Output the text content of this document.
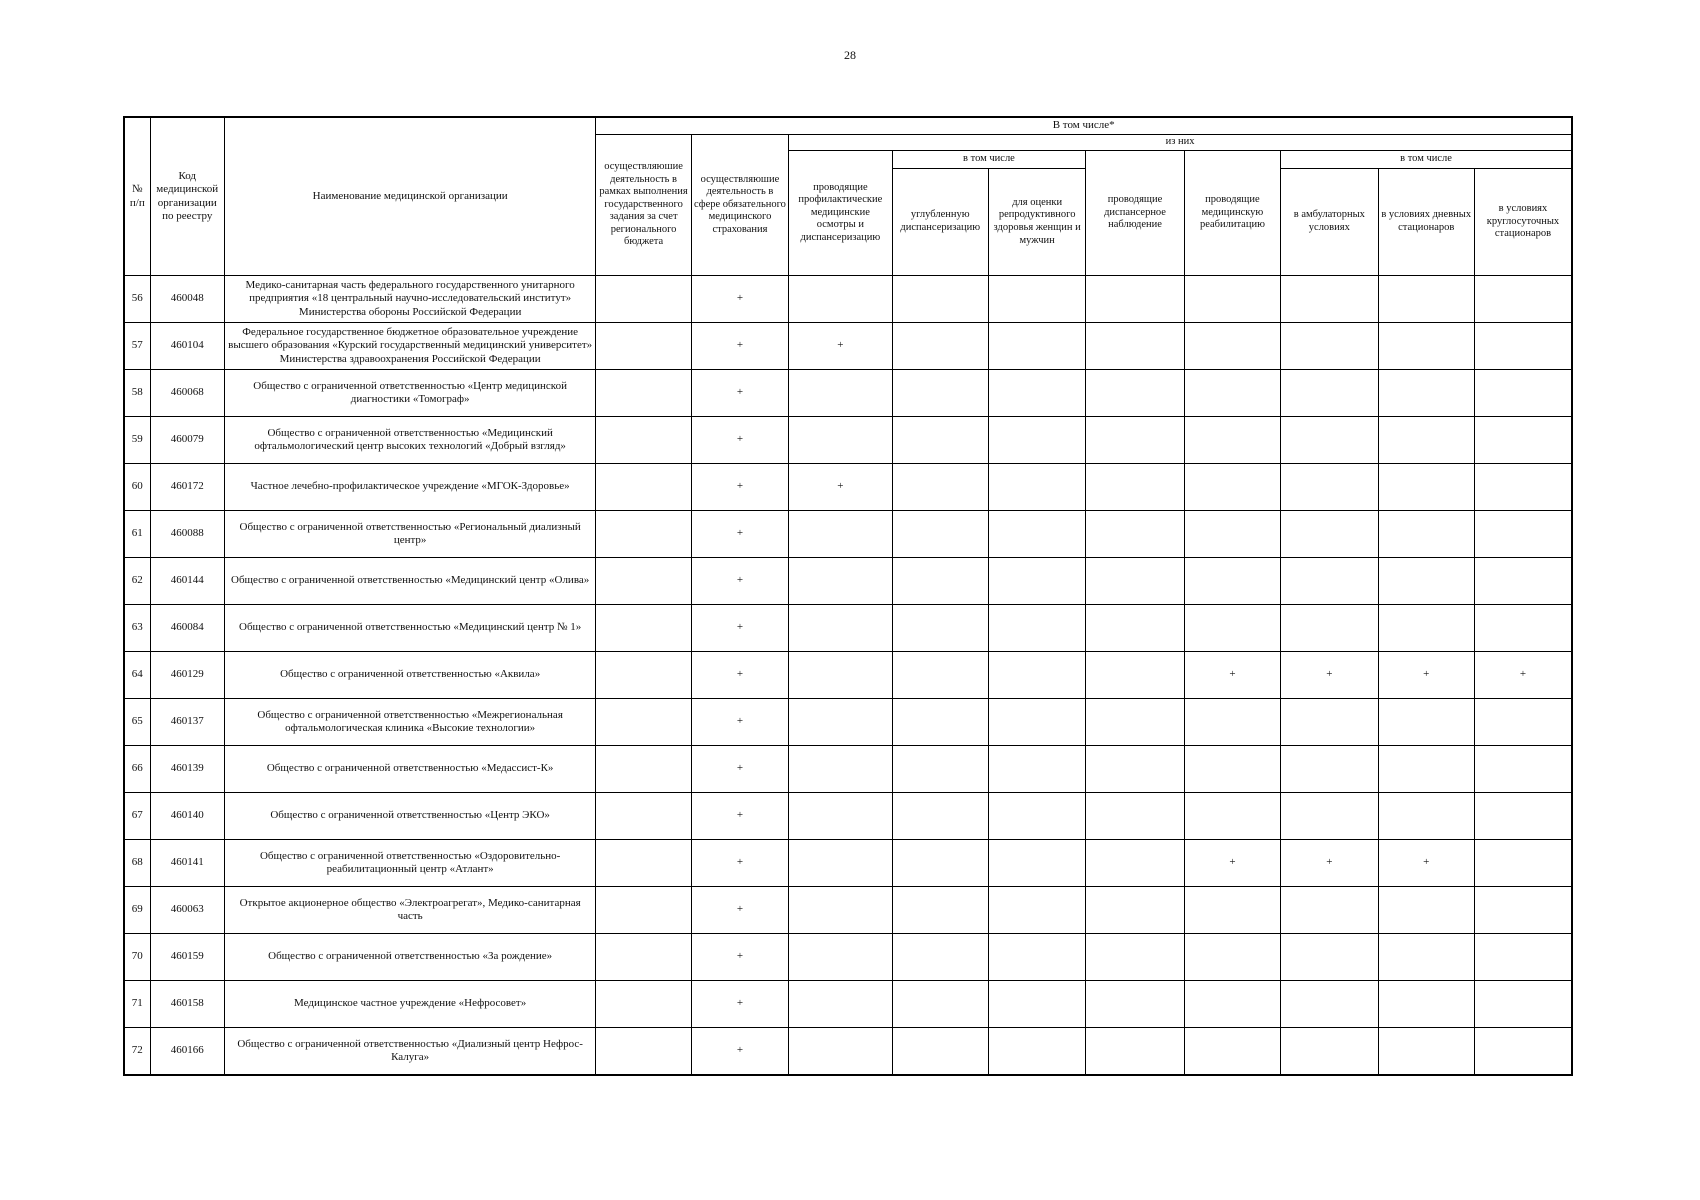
28
№ п/п	Код медицинской организации по реестру	Наименование медицинской организации	В том числе*									
			осуществляюшие деятельность в рамках выполнения государственного задания за счет регионального бюджета	осуществляюшие деятельность в сфере обязательного медицинского страхования	из них							
					проводящие профилактические медицинские осмотры и диспансеризацию	в том числе		проводящие диспансерное наблюдение	проводящие медицинскую реабилитацию	в том числе		
						углубленную диспансеризацию	для оценки репродуктивного здоровья женщин и мужчин			в амбулаторных условиях	в условиях дневных стационаров	в условиях круглосуточных стационаров
56	460048	Медико-санитарная часть федерального государственного унитарного предприятия «18 центральный научно-исследовательский институт» Министерства обороны Российской Федерации		+								
57	460104	Федеральное государственное бюджетное образовательное учреждение высшего образования «Курский государственный медицинский университет» Министерства здравоохранения Российской Федерации		+	+							
58	460068	Общество с ограниченной ответственностью «Центр медицинской диагностики «Томограф»		+								
59	460079	Общество с ограниченной ответственностью «Медицинский офтальмологический центр высоких технологий «Добрый взгляд»		+								
60	460172	Частное лечебно-профилактическое учреждение «МГОК-Здоровье»		+	+							
61	460088	Общество с ограниченной ответственностью «Региональный диализный центр»		+								
62	460144	Общество с ограниченной ответственностью «Медицинский центр «Олива»		+								
63	460084	Общество с ограниченной ответственностью «Медицинский центр № 1»		+								
64	460129	Общество с ограниченной ответственностью «Аквила»		+					+	+	+	+
65	460137	Общество с ограниченной ответственностью «Межрегиональная офтальмологическая клиника «Высокие технологии»		+								
66	460139	Общество с ограниченной ответственностью «Медассист-К»		+								
67	460140	Общество с ограниченной ответственностью «Центр ЭКО»		+								
68	460141	Общество с ограниченной ответственностью «Оздоровительно-реабилитационный центр «Атлант»		+					+	+	+	
69	460063	Открытое акционерное общество «Электроагрегат», Медико-санитарная часть		+								
70	460159	Общество с ограниченной ответственностью «За рождение»		+								
71	460158	Медицинское частное учреждение «Нефросовет»		+								
72	460166	Общество с ограниченной ответственностью «Диализный центр Нефрос-Калуга»		+								
